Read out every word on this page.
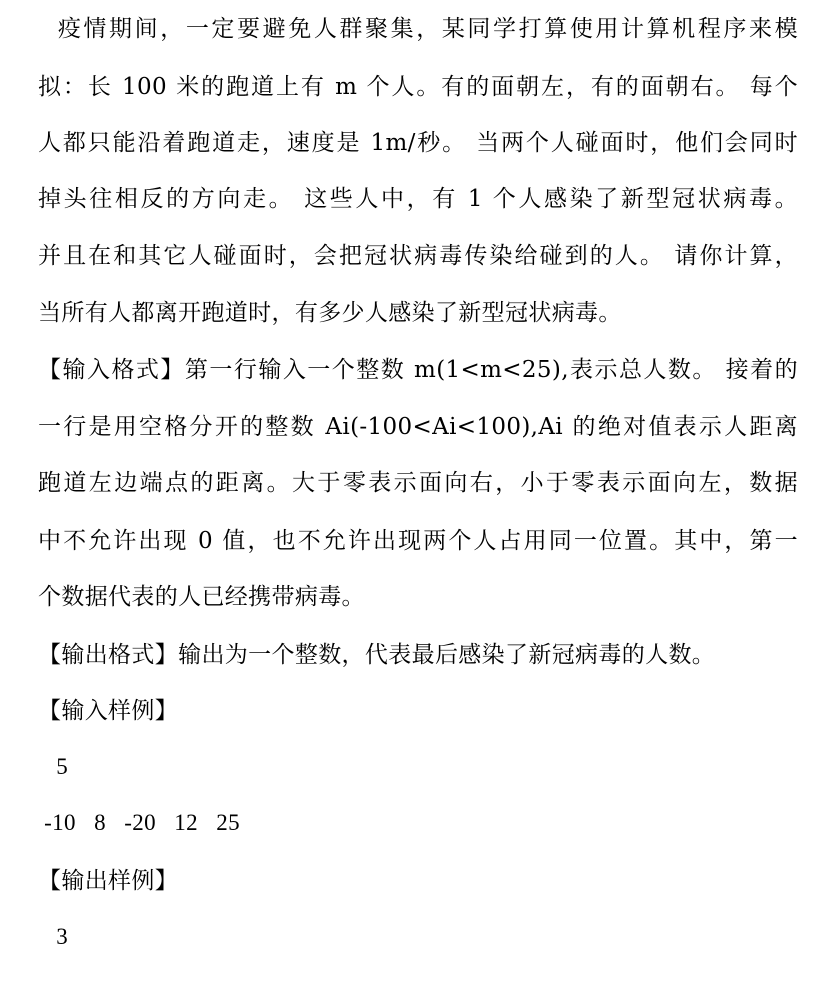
疫情期间，一定要避免人群聚集，某同学打算使用计算机程序来模
拟：长 100 米的跑道上有 m 个人。有的面朝左，有的面朝右。 每个
人都只能沿着跑道走，速度是 1m/秒。 当两个人碰面时，他们会同时
掉头往相反的方向走。 这些人中，有 1 个人感染了新型冠状病毒。
并且在和其它人碰面时，会把冠状病毒传染给碰到的人。 请你计算，
当所有人都离开跑道时，有多少人感染了新型冠状病毒。
【输入格式】第一行输入一个整数 m(1<m<25),表示总人数。 接着的
一行是用空格分开的整数 Ai(-100<Ai<100),Ai 的绝对值表示人距离
跑道左边端点的距离。大于零表示面向右，小于零表示面向左，数据
中不允许出现 0 值，也不允许出现两个人占用同一位置。其中，第一
个数据代表的人已经携带病毒。
【输出格式】输出为一个整数，代表最后感染了新冠病毒的人数。
【输入样例】
5
-10   8   -20   12   25
【输出样例】
3
